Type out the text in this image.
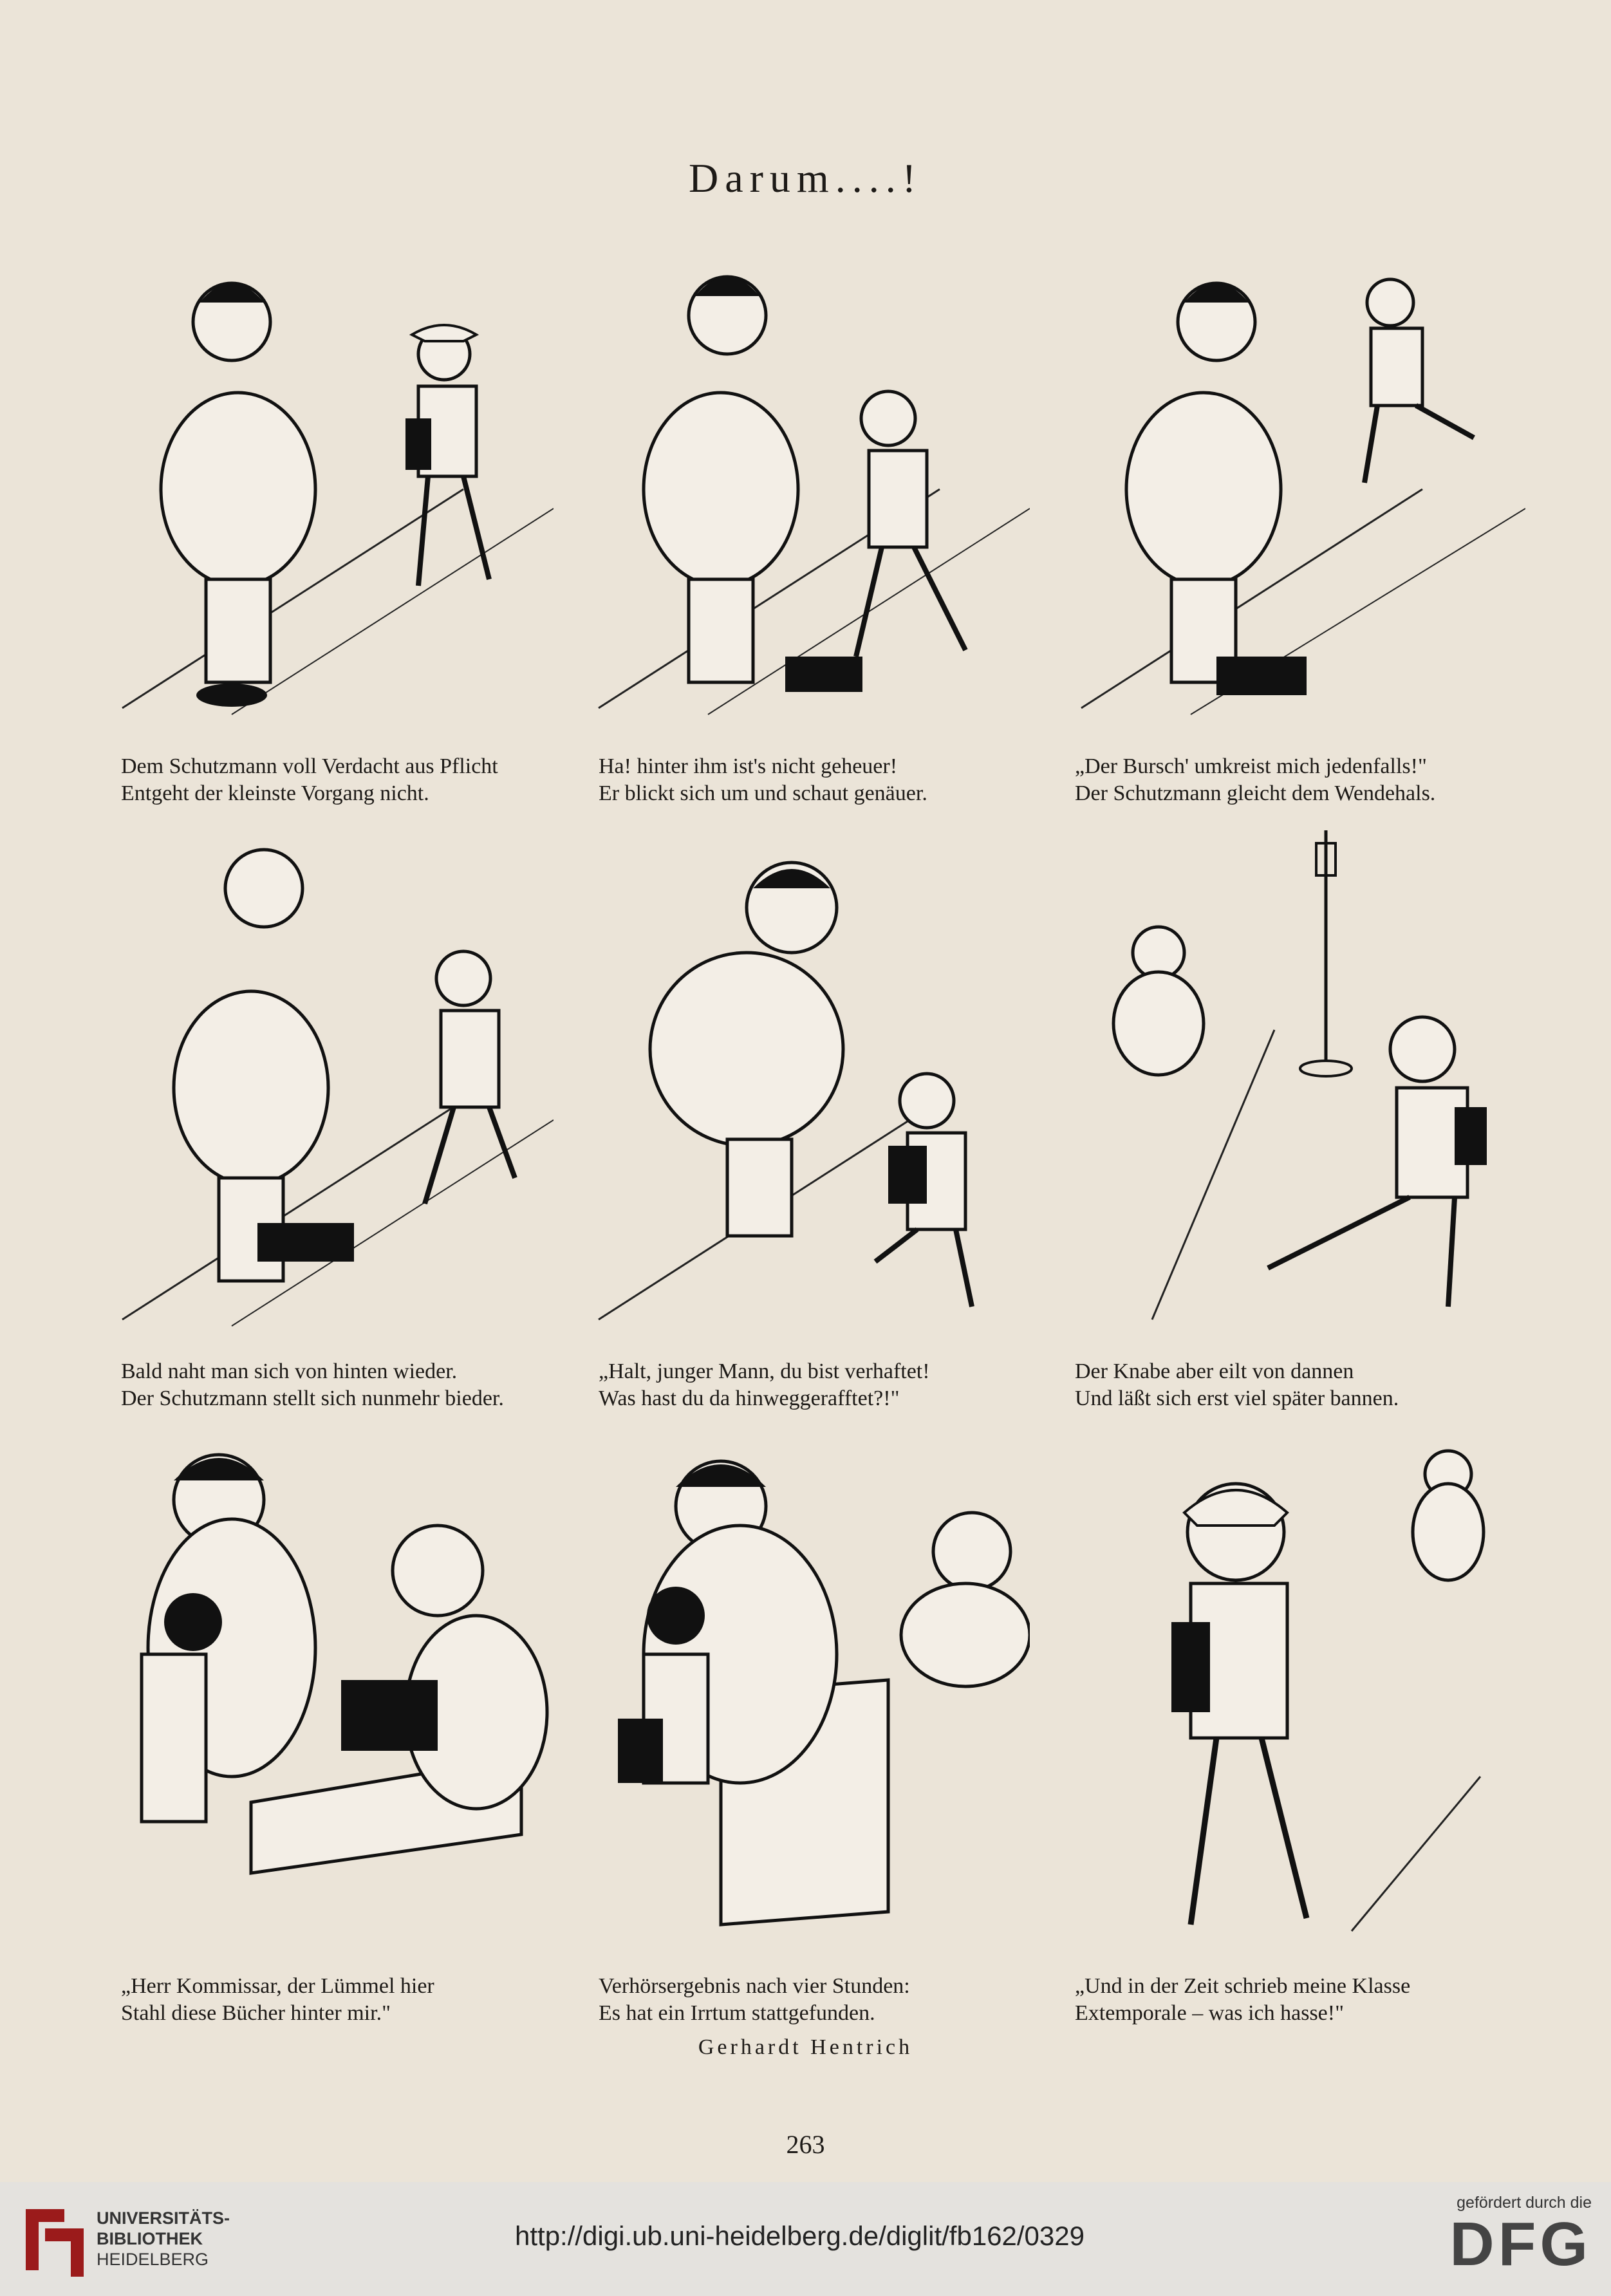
Darum....!
Dem Schutzmann voll Verdacht aus Pflicht
Entgeht der kleinste Vorgang nicht.
Ha! hinter ihm ist's nicht geheuer!
Er blickt sich um und schaut genäuer.
„Der Bursch' umkreist mich jedenfalls!"
Der Schutzmann gleicht dem Wendehals.
Bald naht man sich von hinten wieder.
Der Schutzmann stellt sich nunmehr bieder.
„Halt, junger Mann, du bist verhaftet!
Was hast du da hinweggerafftet?!"
Der Knabe aber eilt von dannen
Und läßt sich erst viel später bannen.
„Herr Kommissar, der Lümmel hier
Stahl diese Bücher hinter mir."
Verhörsergebnis nach vier Stunden:
Es hat ein Irrtum stattgefunden.
„Und in der Zeit schrieb meine Klasse
Extemporale – was ich hasse!"
Gerhardt Hentrich
263
UNIVERSITÄTS-
BIBLIOTHEK
HEIDELBERG
http://digi.ub.uni-heidelberg.de/diglit/fb162/0329
gefördert durch die
DFG
